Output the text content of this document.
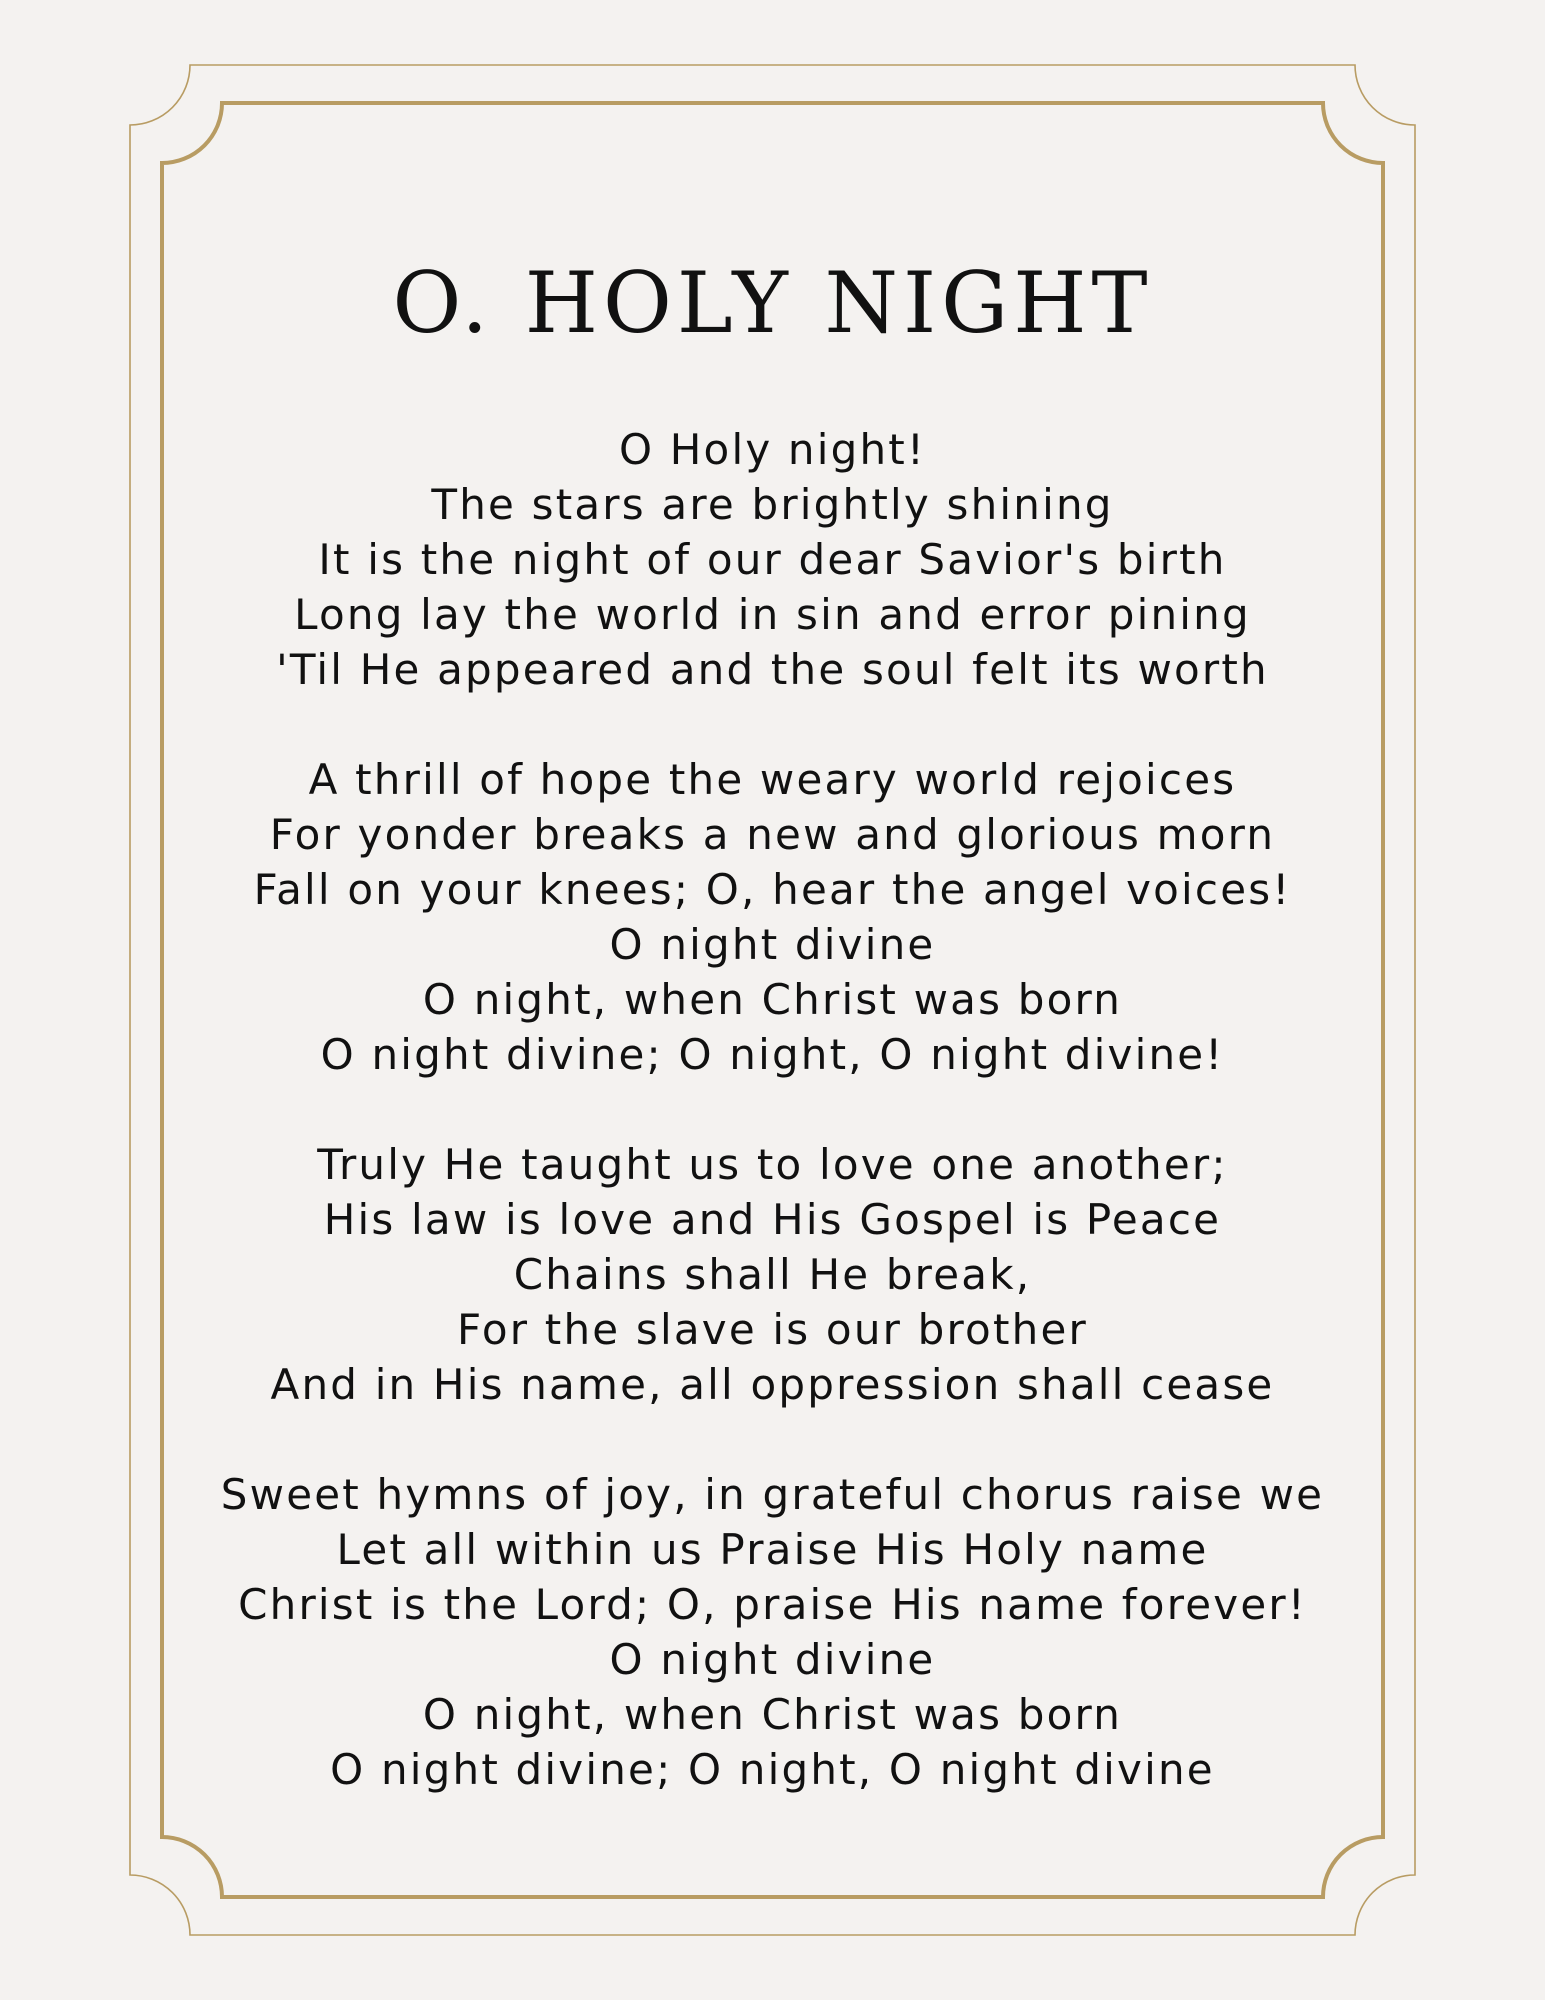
O. HOLY NIGHT
O Holy night!
The stars are brightly shining
It is the night of our dear Savior's birth
Long lay the world in sin and error pining
'Til He appeared and the soul felt its worth
A thrill of hope the weary world rejoices
For yonder breaks a new and glorious morn
Fall on your knees; O, hear the angel voices!
O night divine
O night, when Christ was born
O night divine; O night, O night divine!
Truly He taught us to love one another;
His law is love and His Gospel is Peace
Chains shall He break,
For the slave is our brother
And in His name, all oppression shall cease
Sweet hymns of joy, in grateful chorus raise we
Let all within us Praise His Holy name
Christ is the Lord; O, praise His name forever!
O night divine
O night, when Christ was born
O night divine; O night, O night divine
